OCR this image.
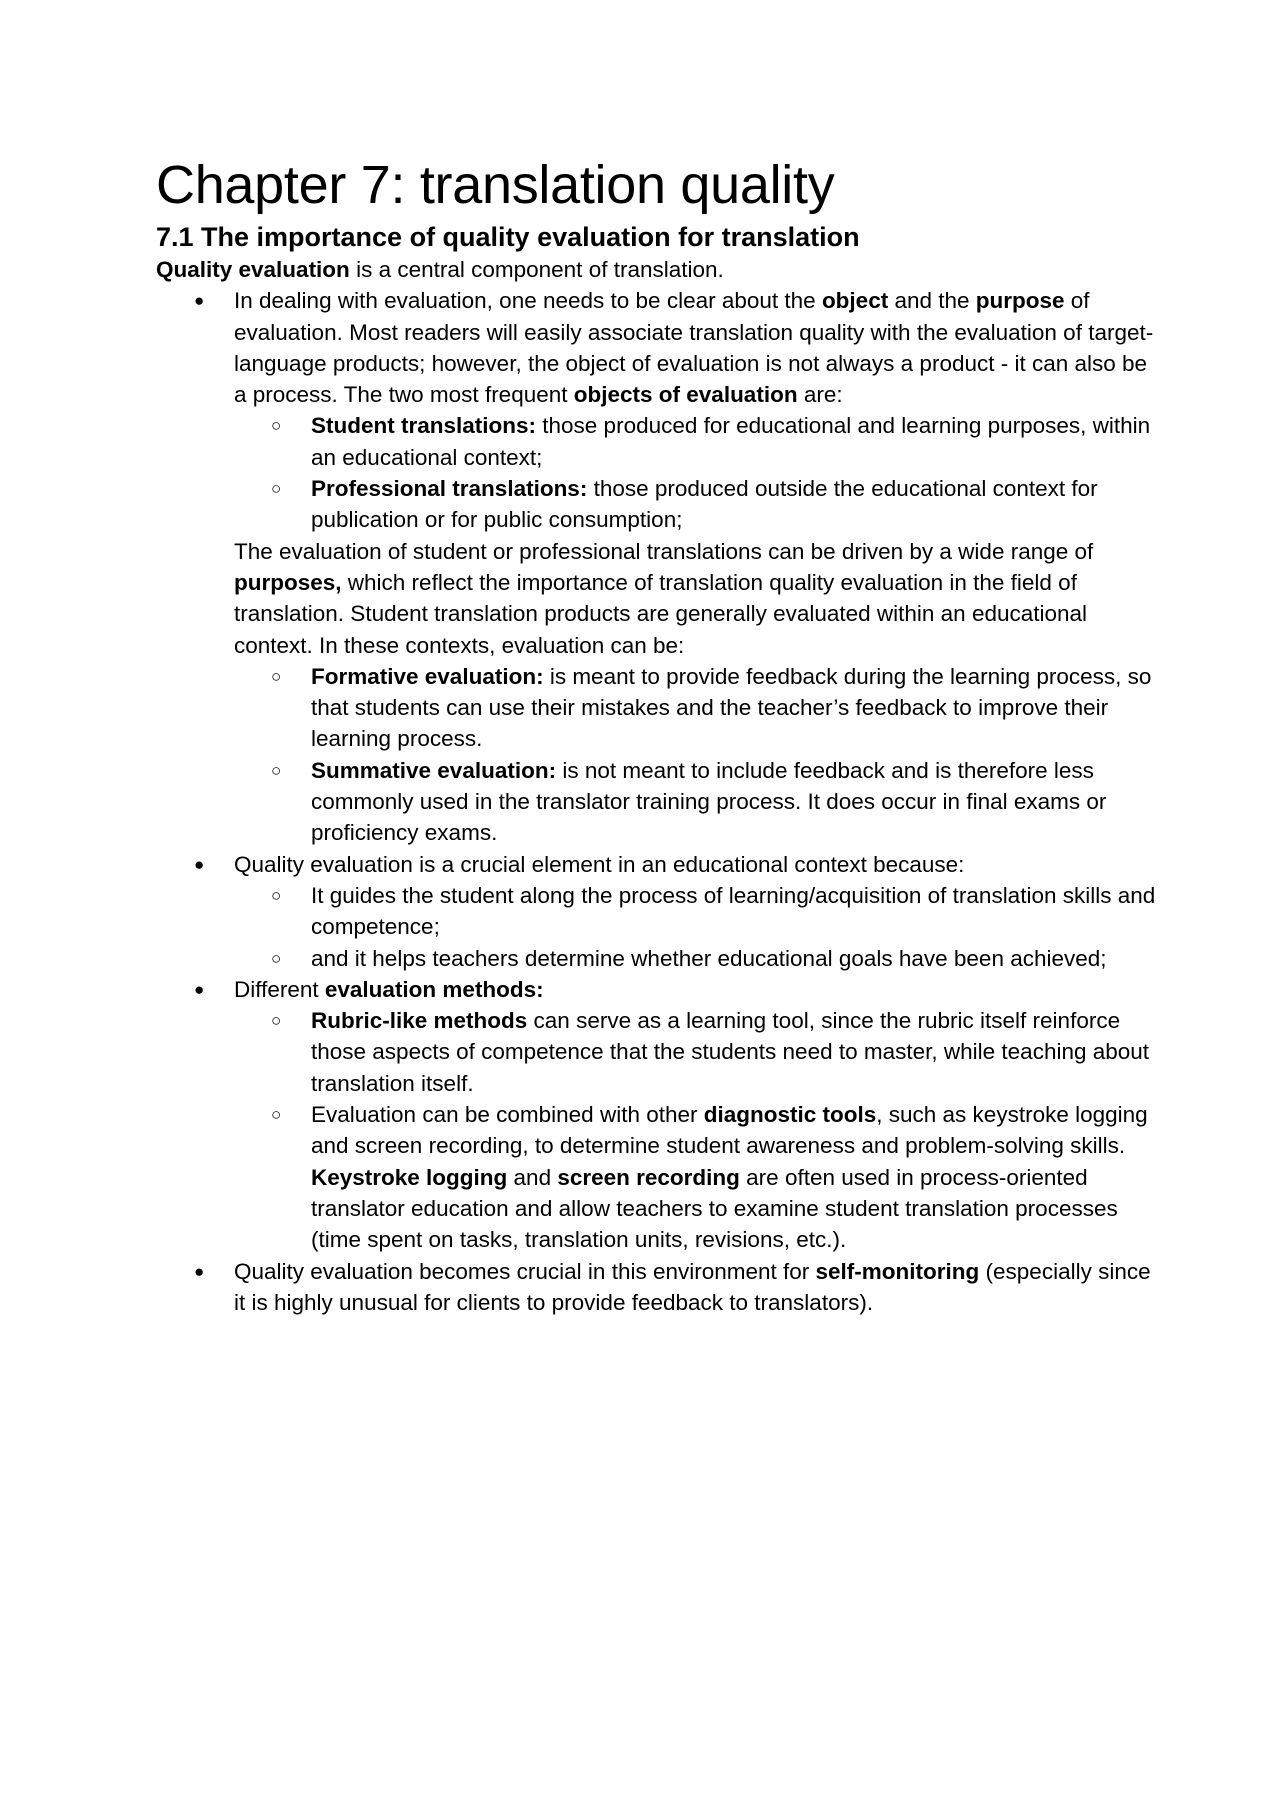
Chapter 7: translation quality
7.1 The importance of quality evaluation for translation

Quality evaluation is a central component of translation.

● In dealing with evaluation, one needs to be clear about the object and the purpose of evaluation. Most readers will easily associate translation quality with the evaluation of target-language products; however, the object of evaluation is not always a product - it can also be a process. The two most frequent objects of evaluation are:
○ Student translations: those produced for educational and learning purposes, within an educational context;
○ Professional translations: those produced outside the educational context for publication or for public consumption;

The evaluation of student or professional translations can be driven by a wide range of purposes, which reflect the importance of translation quality evaluation in the field of translation. Student translation products are generally evaluated within an educational context. In these contexts, evaluation can be:

○ Formative evaluation: is meant to provide feedback during the learning process, so that students can use their mistakes and the teacher’s feedback to improve their learning process.
○ Summative evaluation: is not meant to include feedback and is therefore less commonly used in the translator training process. It does occur in final exams or proficiency exams.
● Quality evaluation is a crucial element in an educational context because:
○ It guides the student along the process of learning/acquisition of translation skills and competence;
○ and it helps teachers determine whether educational goals have been achieved;
● Different evaluation methods:
○ Rubric-like methods can serve as a learning tool, since the rubric itself reinforce those aspects of competence that the students need to master, while teaching about translation itself.
○ Evaluation can be combined with other diagnostic tools, such as keystroke logging and screen recording, to determine student awareness and problem-solving skills. Keystroke logging and screen recording are often used in process-oriented translator education and allow teachers to examine student translation processes (time spent on tasks, translation units, revisions, etc.).
● Quality evaluation becomes crucial in this environment for self-monitoring (especially since it is highly unusual for clients to provide feedback to translators).
